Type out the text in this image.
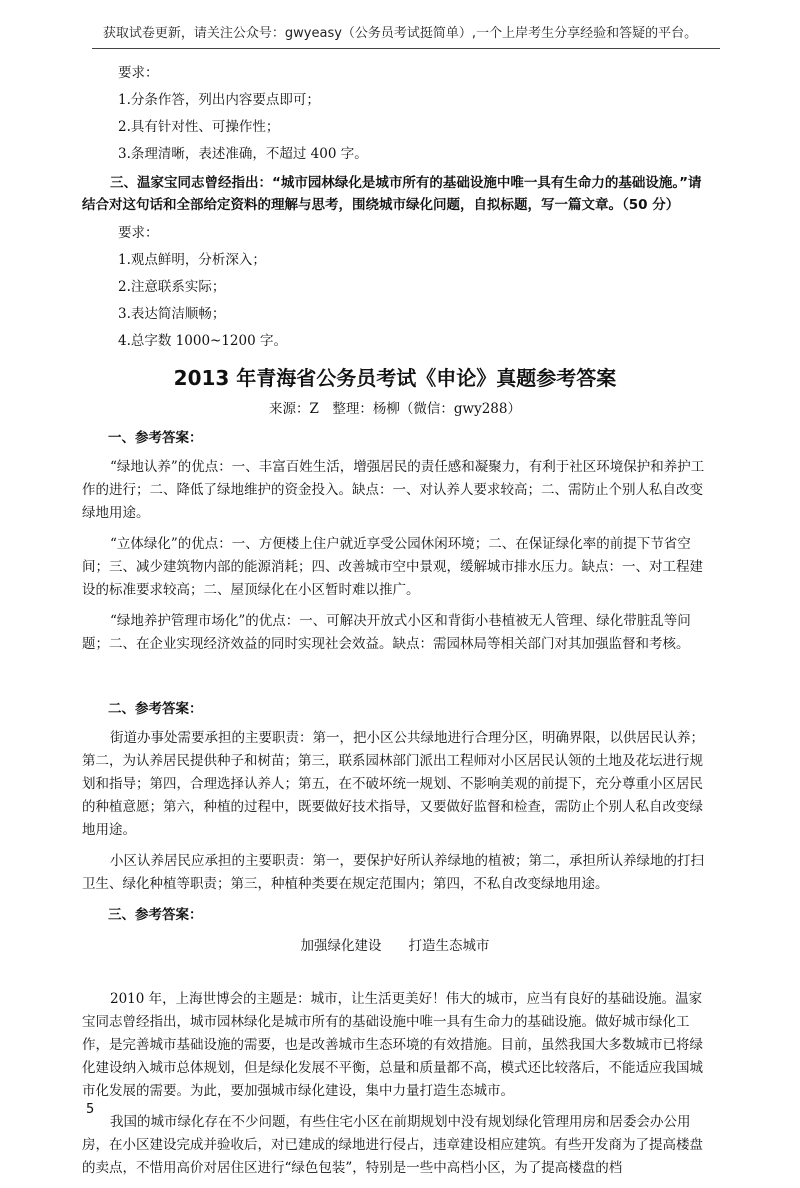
获取试卷更新，请关注公众号：gwyeasy（公务员考试挺简单）,一个上岸考生分享经验和答疑的平台。
要求：
1.分条作答，列出内容要点即可；
2.具有针对性、可操作性；
3.条理清晰，表述准确，不超过 400 字。
三、温家宝同志曾经指出：“城市园林绿化是城市所有的基础设施中唯一具有生命力的基础设施。”请结合对这句话和全部给定资料的理解与思考，围绕城市绿化问题，自拟标题，写一篇文章。（50 分）
要求：
1.观点鲜明，分析深入；
2.注意联系实际；
3.表达简洁顺畅；
4.总字数 1000~1200 字。
2013 年青海省公务员考试《申论》真题参考答案
来源：Z　整理：杨柳（微信：gwy288）
一、参考答案：
“绿地认养”的优点：一、丰富百姓生活，增强居民的责任感和凝聚力，有利于社区环境保护和养护工作的进行；二、降低了绿地维护的资金投入。缺点：一、对认养人要求较高；二、需防止个别人私自改变绿地用途。
“立体绿化”的优点：一、方便楼上住户就近享受公园休闲环境；二、在保证绿化率的前提下节省空间；三、减少建筑物内部的能源消耗；四、改善城市空中景观，缓解城市排水压力。缺点：一、对工程建设的标准要求较高；二、屋顶绿化在小区暂时难以推广。
“绿地养护管理市场化”的优点：一、可解决开放式小区和背街小巷植被无人管理、绿化带脏乱等问题；二、在企业实现经济效益的同时实现社会效益。缺点：需园林局等相关部门对其加强监督和考核。
二、参考答案：
街道办事处需要承担的主要职责：第一，把小区公共绿地进行合理分区，明确界限，以供居民认养；第二，为认养居民提供种子和树苗；第三，联系园林部门派出工程师对小区居民认领的土地及花坛进行规划和指导；第四，合理选择认养人；第五，在不破坏统一规划、不影响美观的前提下，充分尊重小区居民的种植意愿；第六，种植的过程中，既要做好技术指导，又要做好监督和检查，需防止个别人私自改变绿地用途。
小区认养居民应承担的主要职责：第一，要保护好所认养绿地的植被；第二，承担所认养绿地的打扫卫生、绿化种植等职责；第三，种植种类要在规定范围内；第四，不私自改变绿地用途。
三、参考答案：
加强绿化建设　　打造生态城市
2010 年，上海世博会的主题是：城市，让生活更美好！伟大的城市，应当有良好的基础设施。温家宝同志曾经指出，城市园林绿化是城市所有的基础设施中唯一具有生命力的基础设施。做好城市绿化工作，是完善城市基础设施的需要，也是改善城市生态环境的有效措施。目前，虽然我国大多数城市已将绿化建设纳入城市总体规划，但是绿化发展不平衡，总量和质量都不高，模式还比较落后，不能适应我国城市化发展的需要。为此，要加强城市绿化建设，集中力量打造生态城市。
我国的城市绿化存在不少问题，有些住宅小区在前期规划中没有规划绿化管理用房和居委会办公用房，在小区建设完成并验收后，对已建成的绿地进行侵占，违章建设相应建筑。有些开发商为了提高楼盘的卖点，不惜用高价对居住区进行“绿色包装”，特别是一些中高档小区，为了提高楼盘的档
5
